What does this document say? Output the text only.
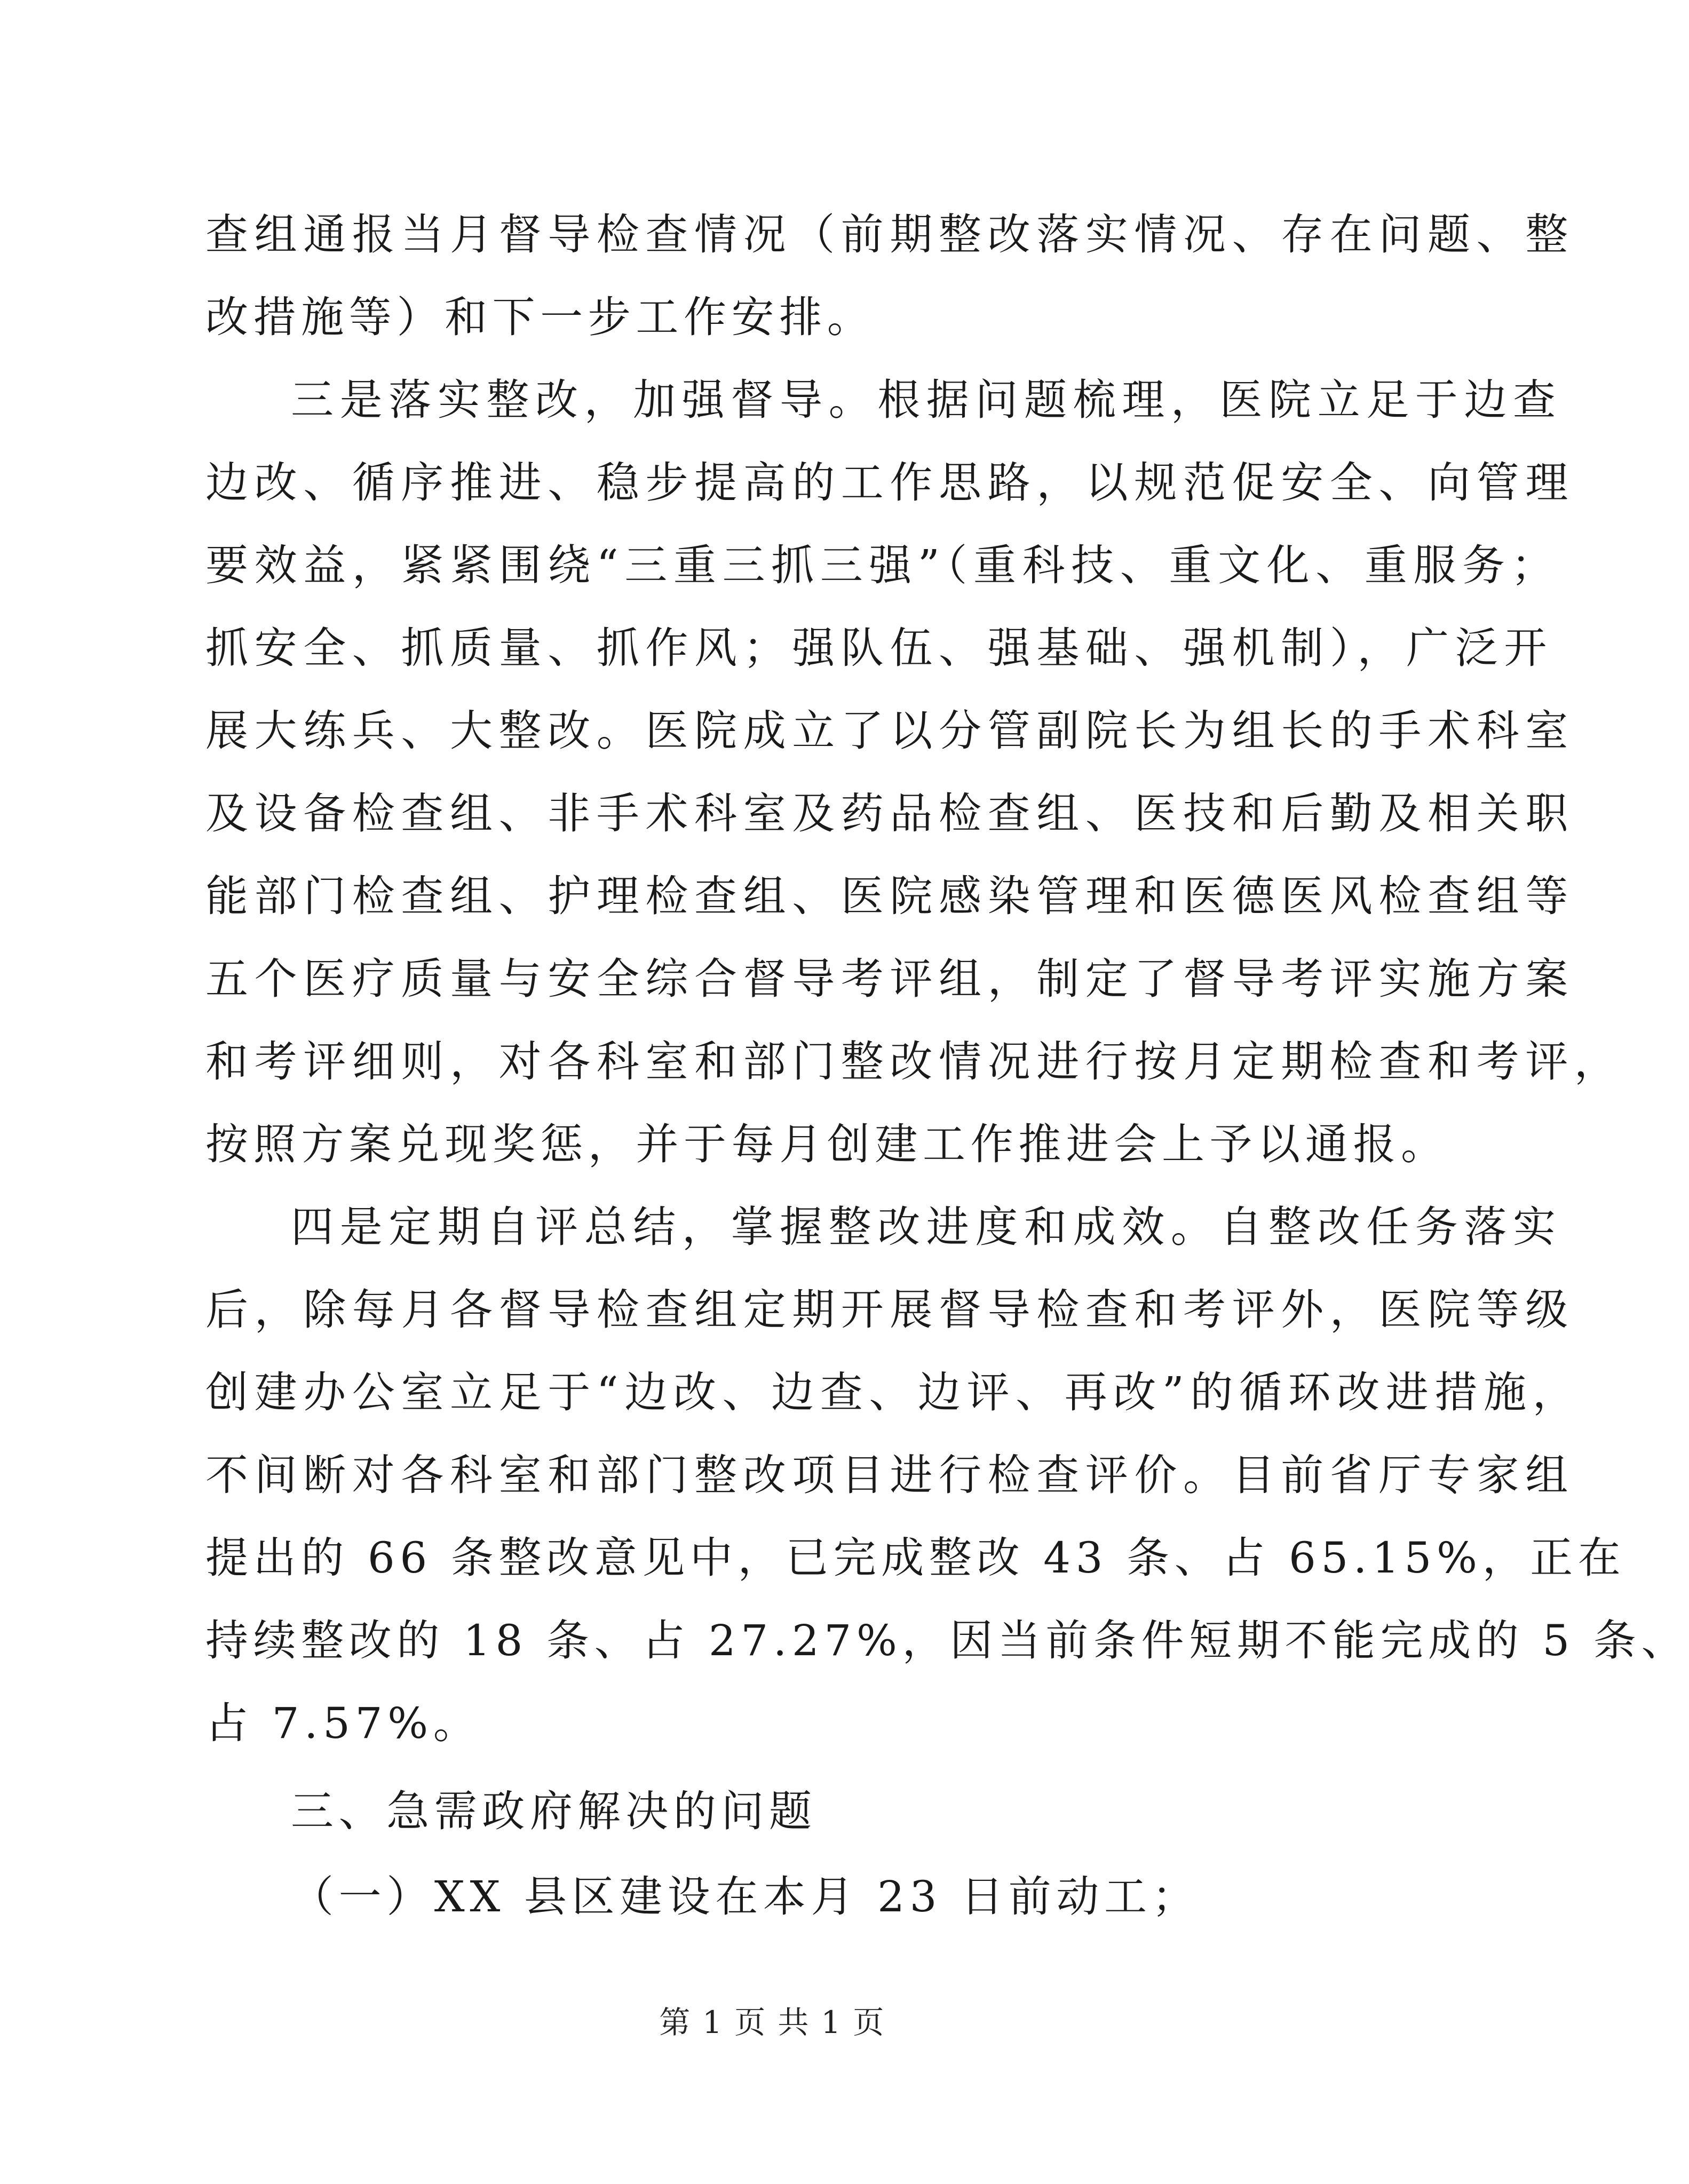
查组通报当月督导检查情况（前期整改落实情况、存在问题、整
改措施等）和下一步工作安排。
三是落实整改，加强督导。根据问题梳理，医院立足于边查
边改、循序推进、稳步提高的工作思路，以规范促安全、向管理
要效益，紧紧围绕“三重三抓三强”（重科技、重文化、重服务；
抓安全、抓质量、抓作风；强队伍、强基础、强机制），广泛开
展大练兵、大整改。医院成立了以分管副院长为组长的手术科室
及设备检查组、非手术科室及药品检查组、医技和后勤及相关职
能部门检查组、护理检查组、医院感染管理和医德医风检查组等
五个医疗质量与安全综合督导考评组，制定了督导考评实施方案
和考评细则，对各科室和部门整改情况进行按月定期检查和考评，
按照方案兑现奖惩，并于每月创建工作推进会上予以通报。
四是定期自评总结，掌握整改进度和成效。自整改任务落实
后，除每月各督导检查组定期开展督导检查和考评外，医院等级
创建办公室立足于“边改、边查、边评、再改”的循环改进措施，
不间断对各科室和部门整改项目进行检查评价。目前省厅专家组
提出的 66 条整改意见中，已完成整改 43 条、占 65.15%，正在
持续整改的 18 条、占 27.27%，因当前条件短期不能完成的 5 条、
占 7.57%。
第 1 页 共 1 页
三、急需政府解决的问题
（一）XX 县区建设在本月 23 日前动工；
